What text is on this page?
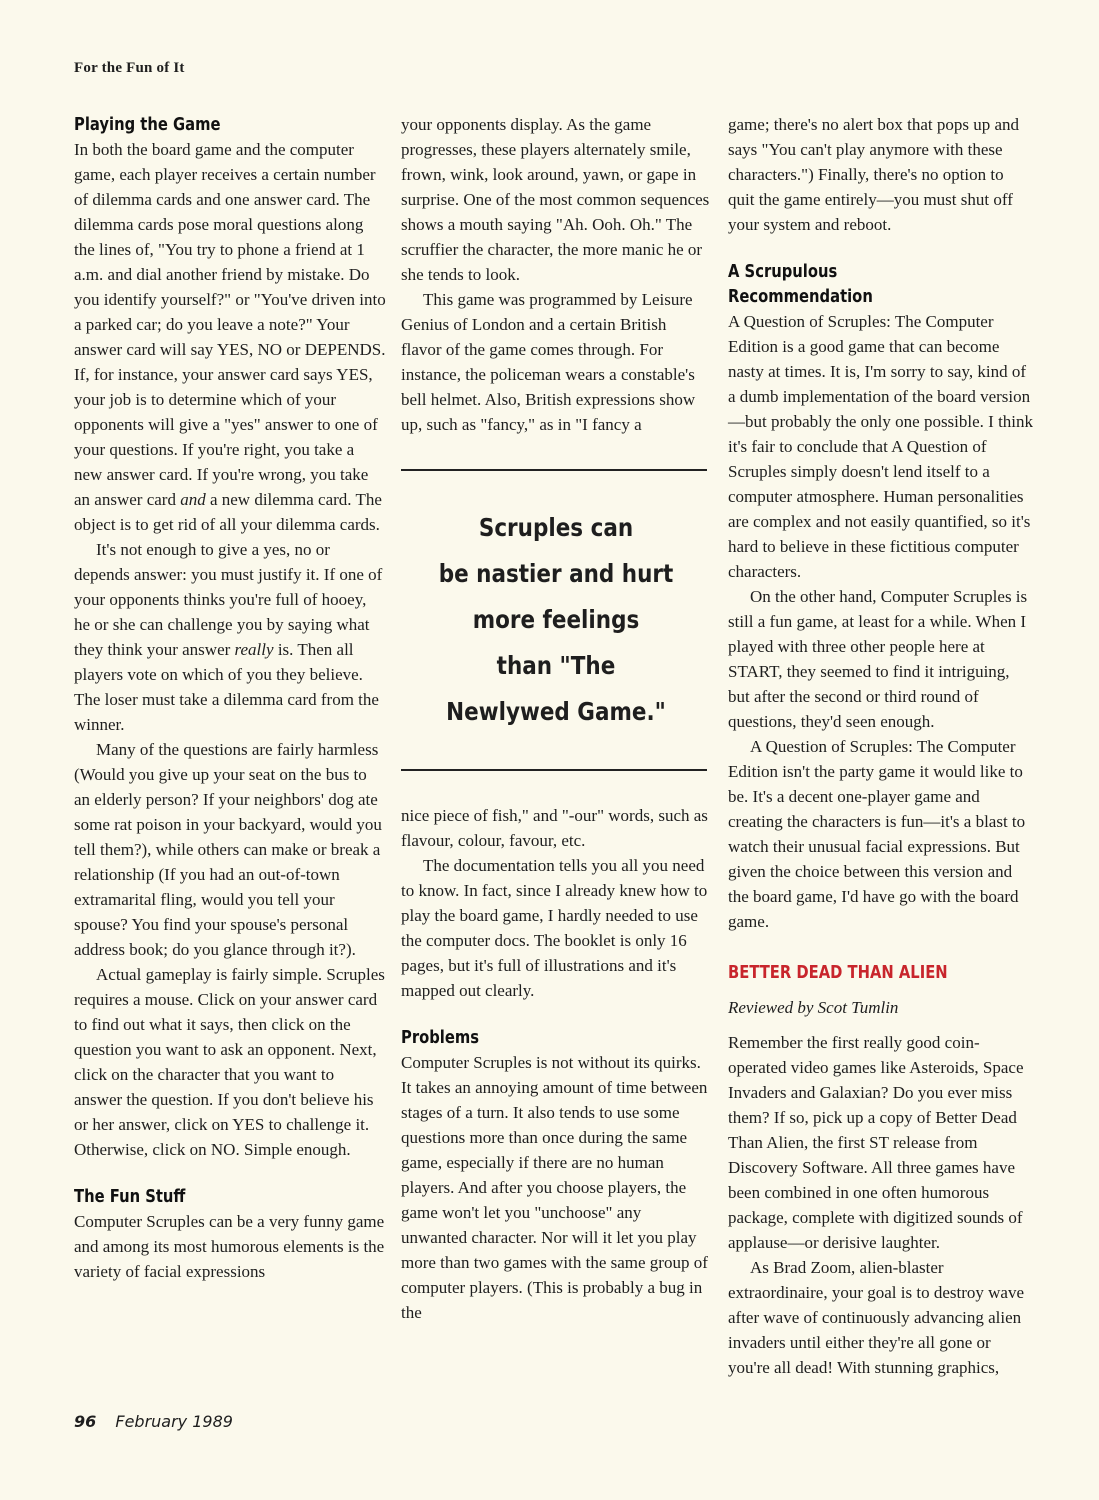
For the Fun of It
Playing the Game

In both the board game and the computer game, each player receives a certain number of dilemma cards and one answer card. The dilemma cards pose moral questions along the lines of, "You try to phone a friend at 1 a.m. and dial another friend by mistake. Do you identify yourself?" or "You've driven into a parked car; do you leave a note?" Your answer card will say YES, NO or DEPENDS. If, for instance, your answer card says YES, your job is to determine which of your opponents will give a "yes" answer to one of your questions. If you're right, you take a new answer card. If you're wrong, you take an answer card and a new dilemma card. The object is to get rid of all your dilemma cards.

It's not enough to give a yes, no or depends answer: you must justify it. If one of your opponents thinks you're full of hooey, he or she can challenge you by saying what they think your answer really is. Then all players vote on which of you they believe. The loser must take a dilemma card from the winner.

Many of the questions are fairly harmless (Would you give up your seat on the bus to an elderly person? If your neighbors' dog ate some rat poison in your backyard, would you tell them?), while others can make or break a relationship (If you had an out-of-town extramarital fling, would you tell your spouse? You find your spouse's personal address book; do you glance through it?).

Actual gameplay is fairly simple. Scruples requires a mouse. Click on your answer card to find out what it says, then click on the question you want to ask an opponent. Next, click on the character that you want to answer the question. If you don't believe his or her answer, click on YES to challenge it. Otherwise, click on NO. Simple enough.

The Fun Stuff

Computer Scruples can be a very funny game and among its most humorous elements is the variety of facial expressions

your opponents display. As the game progresses, these players alternately smile, frown, wink, look around, yawn, or gape in surprise. One of the most common sequences shows a mouth saying "Ah. Ooh. Oh." The scruffier the character, the more manic he or she tends to look.

This game was programmed by Leisure Genius of London and a certain British flavor of the game comes through. For instance, the policeman wears a constable's bell helmet. Also, British expressions show up, such as "fancy," as in "I fancy a

Scruples can
be nastier and hurt
more feelings
than "The
Newlywed Game."

nice piece of fish," and "-our" words, such as flavour, colour, favour, etc.

The documentation tells you all you need to know. In fact, since I already knew how to play the board game, I hardly needed to use the computer docs. The booklet is only 16 pages, but it's full of illustrations and it's mapped out clearly.

Problems

Computer Scruples is not without its quirks. It takes an annoying amount of time between stages of a turn. It also tends to use some questions more than once during the same game, especially if there are no human players. And after you choose players, the game won't let you "unchoose" any unwanted character. Nor will it let you play more than two games with the same group of computer players. (This is probably a bug in the

game; there's no alert box that pops up and says "You can't play anymore with these characters.") Finally, there's no option to quit the game entirely—you must shut off your system and reboot.

A Scrupulous Recommendation

A Question of Scruples: The Computer Edition is a good game that can become nasty at times. It is, I'm sorry to say, kind of a dumb implementation of the board version—but probably the only one possible. I think it's fair to conclude that A Question of Scruples simply doesn't lend itself to a computer atmosphere. Human personalities are complex and not easily quantified, so it's hard to believe in these fictitious computer characters.

On the other hand, Computer Scruples is still a fun game, at least for a while. When I played with three other people here at START, they seemed to find it intriguing, but after the second or third round of questions, they'd seen enough.

A Question of Scruples: The Computer Edition isn't the party game it would like to be. It's a decent one-player game and creating the characters is fun—it's a blast to watch their unusual facial expressions. But given the choice between this version and the board game, I'd have go with the board game.

BETTER DEAD THAN ALIEN
Reviewed by Scot Tumlin

Remember the first really good coin-operated video games like Asteroids, Space Invaders and Galaxian? Do you ever miss them? If so, pick up a copy of Better Dead Than Alien, the first ST release from Discovery Software. All three games have been combined in one often humorous package, complete with digitized sounds of applause—or derisive laughter.

As Brad Zoom, alien-blaster extraordinaire, your goal is to destroy wave after wave of continuously advancing alien invaders until either they're all gone or you're all dead! With stunning graphics,

96 February 1989
